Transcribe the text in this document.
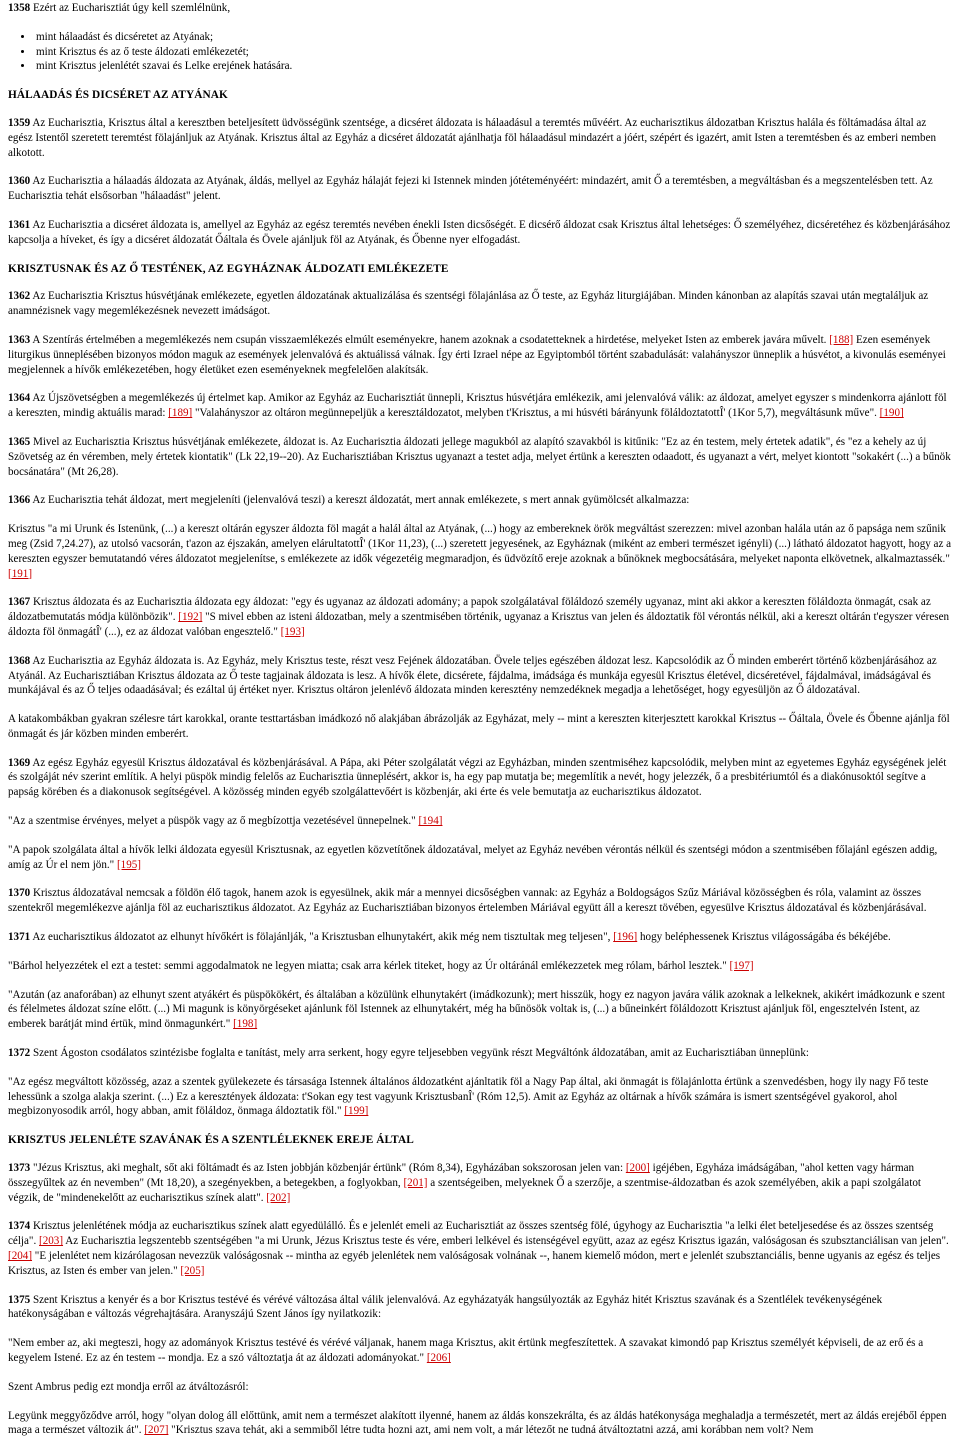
1358 Ezért az Eucharisztiát úgy kell szemlélnünk,
• mint hálaadást és dicséretet az Atyának;
• mint Krisztus és az ő teste áldozati emlékezetét;
• mint Krisztus jelenlétét szavai és Lelke erejének hatására.
HÁLAADÁS ÉS DICSÉRET AZ ATYÁNAK
1359 Az Eucharisztia, Krisztus által a keresztben beteljesített üdvösségünk szentsége, a dicséret áldozata is hálaadásul a teremtés művéért. Az eucharisztikus áldozatban Krisztus halála és föltámadása által az egész Istentől szeretett teremtést fölajánljuk az Atyának. Krisztus által az Egyház a dicséret áldozatát ajánlhatja föl hálaadásul mindazért a jóért, szépért és igazért, amit Isten a teremtésben és az emberi nemben alkotott.
1360 Az Eucharisztia a hálaadás áldozata az Atyának, áldás, mellyel az Egyház hálaját fejezi ki Istennek minden jótéteményéért: mindazért, amit Ő a teremtésben, a megváltásban és a megszentelésben tett. Az Eucharisztia tehát elsősorban "hálaadást" jelent.
1361 Az Eucharisztia a dicséret áldozata is, amellyel az Egyház az egész teremtés nevében énekli Isten dicsőségét. E dicsérő áldozat csak Krisztus által lehetséges: Ő személyéhez, dicséretéhez és közbenjárásához kapcsolja a híveket, és így a dicséret áldozatát Őáltala és Övele ajánljuk föl az Atyának, és Őbenne nyer elfogadást.
KRISZTUSNAK ÉS AZ Ő TESTÉNEK, AZ EGYHÁZNAK ÁLDOZATI EMLÉKEZETE
1362 Az Eucharisztia Krisztus húsvétjának emlékezete, egyetlen áldozatának aktualizálása és szentségi fölajánlása az Ő teste, az Egyház liturgiájában. Minden kánonban az alapítás szavai után megtaláljuk az anamnézisnek vagy megemlékezésnek nevezett imádságot.
1363 A Szentírás értelmében a megemlékezés nem csupán visszaemlékezés elmúlt eseményekre, hanem azoknak a csodatetteknek a hirdetése, melyeket Isten az emberek javára művelt. [188] Ezen események liturgikus ünneplésében bizonyos módon maguk az események jelenvalóvá és aktuálissá válnak. Így érti Izrael népe az Egyiptomból történt szabadulását: valahányszor ünneplik a húsvétot, a kivonulás eseményei megjelennek a hívők emlékezetében, hogy életüket ezen eseményeknek megfelelően alakítsák.
1364 Az Újszövetségben a megemlékezés új értelmet kap. Amikor az Egyház az Eucharisztiát ünnepli, Krisztus húsvétjára emlékezik, ami jelenvalóvá válik: az áldozat, amelyet egyszer s mindenkorra ajánlott föl a kereszten, mindig aktuális marad: [189] "Valahányszor az oltáron megünnepeljük a keresztáldozatot, melyben t'Krisztus, a mi húsvéti bárányunk föláldoztatottÎ' (1Kor 5,7), megváltásunk műve". [190]
1365 Mivel az Eucharisztia Krisztus húsvétjának emlékezete, áldozat is. Az Eucharisztia áldozati jellege magukból az alapító szavakból is kitűnik: "Ez az én testem, mely értetek adatik", és "ez a kehely az új Szövetség az én véremben, mely értetek kiontatik" (Lk 22,19--20). Az Eucharisztiában Krisztus ugyanazt a testet adja, melyet értünk a kereszten odaadott, és ugyanazt a vért, melyet kiontott "sokakért (...) a bűnök bocsánatára" (Mt 26,28).
1366 Az Eucharisztia tehát áldozat, mert megjeleníti (jelenvalóvá teszi) a kereszt áldozatát, mert annak emlékezete, s mert annak gyümölcsét alkalmazza:
Krisztus "a mi Urunk és Istenünk, (...) a kereszt oltárán egyszer áldozta föl magát a halál által az Atyának, (...) hogy az embereknek örök megváltást szerezzen: mivel azonban halála után az ő papsága nem szűnik meg (Zsid 7,24.27), az utolsó vacsorán, t'azon az éjszakán, amelyen elárultatottÎ' (1Kor 11,23), (...) szeretett jegyesének, az Egyháznak (miként az emberi természet igényli) (...) látható áldozatot hagyott, hogy az a kereszten egyszer bemutatandó véres áldozatot megjelenítse, s emlékezete az idők végezetéig megmaradjon, és üdvözítő ereje azoknak a bűnöknek megbocsátására, melyeket naponta elkövetnek, alkalmaztassék." [191]
1367 Krisztus áldozata és az Eucharisztia áldozata egy áldozat: "egy és ugyanaz az áldozati adomány; a papok szolgálatával föláldozó személy ugyanaz, mint aki akkor a kereszten föláldozta önmagát, csak az áldozatbemutatás módja különbözik". [192] "S mivel ebben az isteni áldozatban, mely a szentmisében történik, ugyanaz a Krisztus van jelen és áldoztatik föl vérontás nélkül, aki a kereszt oltárán t'egyszer véresen áldozta föl önmagátÎ' (...), ez az áldozat valóban engesztelő." [193]
1368 Az Eucharisztia az Egyház áldozata is. Az Egyház, mely Krisztus teste, részt vesz Fejének áldozatában. Övele teljes egészében áldozat lesz. Kapcsolódik az Ő minden emberért történő közbenjárásához az Atyánál. Az Eucharisztiában Krisztus áldozata az Ő teste tagjainak áldozata is lesz. A hívők élete, dicsérete, fájdalma, imádsága és munkája egyesül Krisztus életével, dicséretével, fájdalmával, imádságával és munkájával és az Ő teljes odaadásával; és ezáltal új értéket nyer. Krisztus oltáron jelenlévő áldozata minden keresztény nemzedéknek megadja a lehetőséget, hogy egyesüljön az Ő áldozatával.
A katakombákban gyakran szélesre tárt karokkal, orante testtartásban imádkozó nő alakjában ábrázolják az Egyházat, mely -- mint a kereszten kiterjesztett karokkal Krisztus -- Őáltala, Övele és Őbenne ajánlja föl önmagát és jár közben minden emberért.
1369 Az egész Egyház egyesül Krisztus áldozatával és közbenjárásával. A Pápa, aki Péter szolgálatát végzi az Egyházban, minden szentmiséhez kapcsolódik, melyben mint az egyetemes Egyház egységének jelét és szolgáját név szerint említik. A helyi püspök mindig felelős az Eucharisztia ünneplésért, akkor is, ha egy pap mutatja be; megemlítik a nevét, hogy jelezzék, ő a presbitériumtól és a diakónusoktól segítve a papság körében és a diakonusok segítségével. A közösség minden egyéb szolgálattevőért is közbenjár, aki érte és vele bemutatja az eucharisztikus áldozatot.
"Az a szentmise érvényes, melyet a püspök vagy az ő megbízottja vezetésével ünnepelnek." [194]
"A papok szolgálata által a hívők lelki áldozata egyesül Krisztusnak, az egyetlen közvetítőnek áldozatával, melyet az Egyház nevében vérontás nélkül és szentségi módon a szentmisében főlajánl egészen addig, amíg az Úr el nem jön." [195]
1370 Krisztus áldozatával nemcsak a földön élő tagok, hanem azok is egyesülnek, akik már a mennyei dicsőségben vannak: az Egyház a Boldogságos Szűz Máriával közösségben és róla, valamint az összes szentekről megemlékezve ajánlja föl az eucharisztikus áldozatot. Az Egyház az Eucharisztiában bizonyos értelemben Máriával együtt áll a kereszt tövében, egyesülve Krisztus áldozatával és közbenjárásával.
1371 Az eucharisztikus áldozatot az elhunyt hívőkért is fölajánlják, "a Krisztusban elhunytakért, akik még nem tisztultak meg teljesen", [196] hogy beléphessenek Krisztus világosságába és békéjébe.
"Bárhol helyezzétek el ezt a testet: semmi aggodalmatok ne legyen miatta; csak arra kérlek titeket, hogy az Úr oltáránál emlékezzetek meg rólam, bárhol lesztek." [197]
"Azután (az anaforában) az elhunyt szent atyákért és püspökökért, és általában a közülünk elhunytakért (imádkozunk); mert hisszük, hogy ez nagyon javára válik azoknak a lelkeknek, akikért imádkozunk e szent és félelmetes áldozat színe előtt. (...) Mi magunk is könyörgéseket ajánlunk föl Istennek az elhunytakért, még ha bűnösök voltak is, (...) a bűneinkért föláldozott Krisztust ajánljuk föl, engesztelvén Istent, az emberek barátját mind értük, mind önmagunkért." [198]
1372 Szent Ágoston csodálatos szintézisbe foglalta e tanítást, mely arra serkent, hogy egyre teljesebben vegyünk részt Megváltónk áldozatában, amit az Eucharisztiában ünneplünk:
"Az egész megváltott közösség, azaz a szentek gyülekezete és társasága Istennek általános áldozatként ajánltatik föl a Nagy Pap által, aki önmagát is fölajánlotta értünk a szenvedésben, hogy ily nagy Fő teste lehessünk a szolga alakja szerint. (...) Ez a keresztények áldozata: t'Sokan egy test vagyunk KrisztusbanÎ' (Róm 12,5). Amit az Egyház az oltárnak a hívők számára is ismert szentségével gyakorol, ahol megbizonyosodik arról, hogy abban, amit föláldoz, önmaga áldoztatik föl." [199]
KRISZTUS JELENLÉTE SZAVÁNAK ÉS A SZENTLÉLEKNEK EREJE ÁLTAL
1373 "Jézus Krisztus, aki meghalt, sőt aki föltámadt és az Isten jobbján közbenjár értünk" (Róm 8,34), Egyházában sokszorosan jelen van: [200] igéjében, Egyháza imádságában, "ahol ketten vagy hárman összegyűltek az én nevemben" (Mt 18,20), a szegényekben, a betegekben, a foglyokban, [201] a szentségeiben, melyeknek Ő a szerzője, a szentmise-áldozatban és azok személyében, akik a papi szolgálatot végzik, de "mindenekelőtt az eucharisztikus színek alatt". [202]
1374 Krisztus jelenlétének módja az eucharisztikus színek alatt egyedülálló. És e jelenlét emeli az Eucharisztiát az összes szentség fölé, úgyhogy az Eucharisztia "a lelki élet beteljesedése és az összes szentség célja". [203] Az Eucharisztia legszentebb szentségében "a mi Urunk, Jézus Krisztus teste és vére, emberi lelkével és istenségével együtt, azaz az egész Krisztus igazán, valóságosan és szubsztanciálisan van jelen". [204] "E jelenlétet nem kizárólagosan nevezzük valóságosnak -- mintha az egyéb jelenlétek nem valóságosak volnának --, hanem kiemelő módon, mert e jelenlét szubsztanciális, benne ugyanis az egész és teljes Krisztus, az Isten és ember van jelen." [205]
1375 Szent Krisztus a kenyér és a bor Krisztus testévé és vérévé változása által válik jelenvalóvá. Az egyházatyák hangsúlyozták az Egyház hitét Krisztus szavának és a Szentlélek tevékenységének hatékonyságában e változás végrehajtására. Aranyszájú Szent János így nyilatkozik:
"Nem ember az, aki megteszi, hogy az adományok Krisztus testévé és vérévé váljanak, hanem maga Krisztus, akit értünk megfeszítettek. A szavakat kimondó pap Krisztus személyét képviseli, de az erő és a kegyelem Istené. Ez az én testem -- mondja. Ez a szó változtatja át az áldozati adományokat." [206]
Szent Ambrus pedig ezt mondja erről az átváltozásról:
Legyünk meggyőződve arról, hogy "olyan dolog áll előttünk, amit nem a természet alakított ilyenné, hanem az áldás konszekrálta, és az áldás hatékonysága meghaladja a természetét, mert az áldás erejéből éppen maga a természet változik át". [207] "Krisztus szava tehát, aki a semmiből létre tudta hozni azt, ami nem volt, a már létezőt ne tudná átváltoztatni azzá, ami korábban nem volt? Nem
